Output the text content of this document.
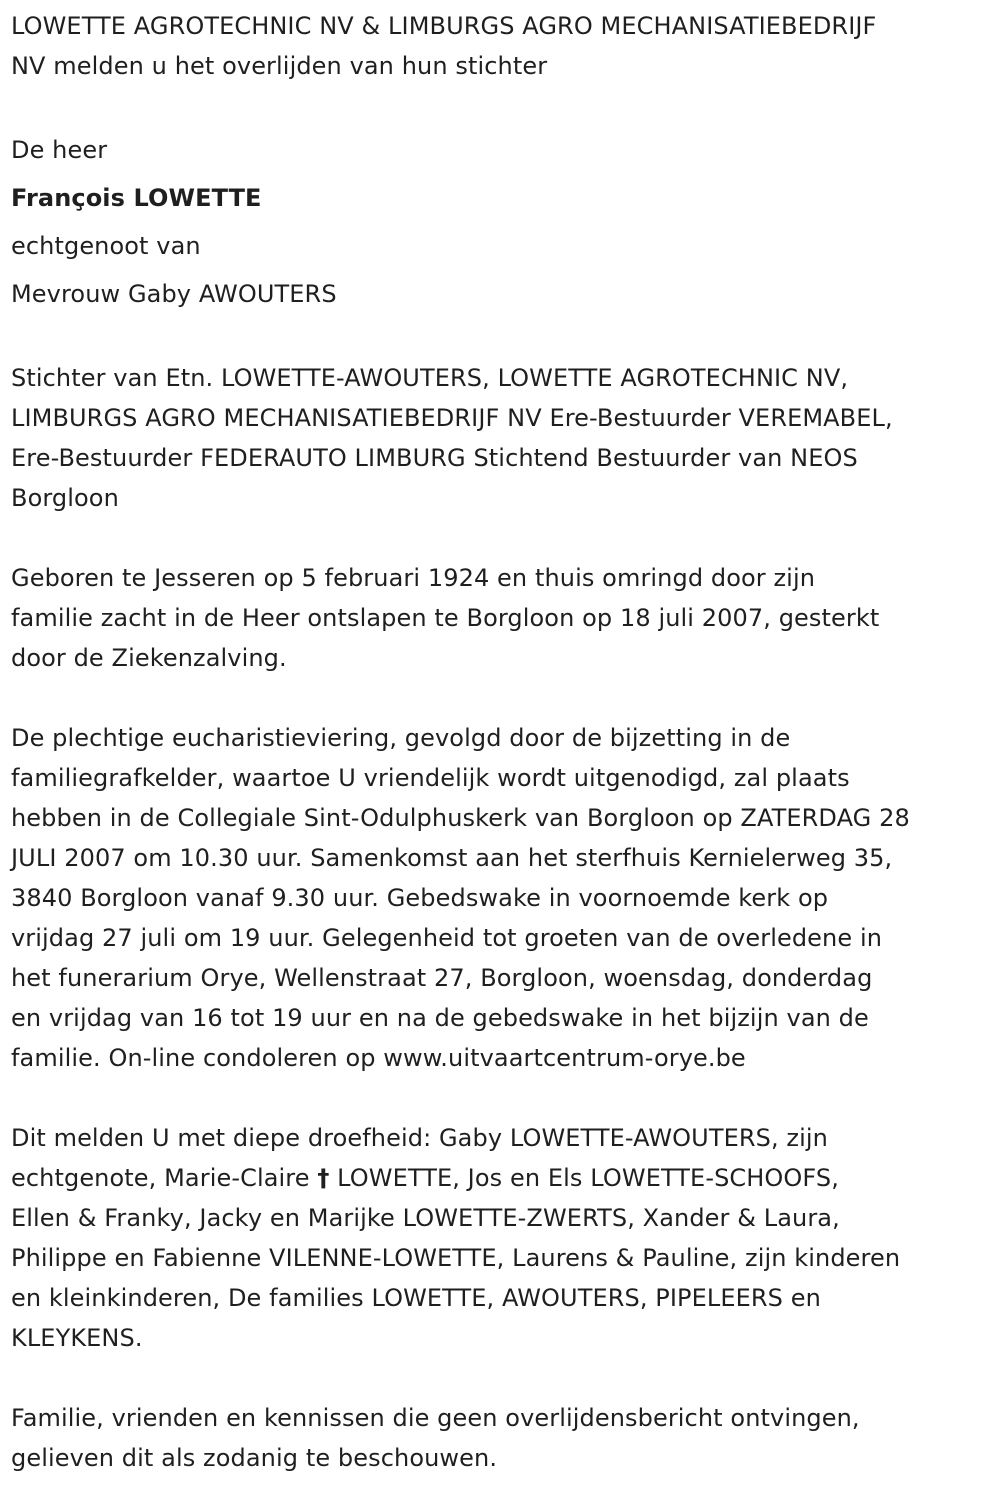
LOWETTE AGROTECHNIC NV & LIMBURGS AGRO MECHANISATIEBEDRIJF
NV melden u het overlijden van hun stichter
De heer
François LOWETTE
echtgenoot van
Mevrouw Gaby AWOUTERS
Stichter van Etn. LOWETTE-AWOUTERS, LOWETTE AGROTECHNIC NV,
LIMBURGS AGRO MECHANISATIEBEDRIJF NV Ere-Bestuurder VEREMABEL,
Ere-Bestuurder FEDERAUTO LIMBURG Stichtend Bestuurder van NEOS
Borgloon
Geboren te Jesseren op 5 februari 1924 en thuis omringd door zijn
familie zacht in de Heer ontslapen te Borgloon op 18 juli 2007, gesterkt
door de Ziekenzalving.
De plechtige eucharistieviering, gevolgd door de bijzetting in de
familiegrafkelder, waartoe U vriendelijk wordt uitgenodigd, zal plaats
hebben in de Collegiale Sint-Odulphuskerk van Borgloon op ZATERDAG 28
JULI 2007 om 10.30 uur. Samenkomst aan het sterfhuis Kernielerweg 35,
3840 Borgloon vanaf 9.30 uur. Gebedswake in voornoemde kerk op
vrijdag 27 juli om 19 uur. Gelegenheid tot groeten van de overledene in
het funerarium Orye, Wellenstraat 27, Borgloon, woensdag, donderdag
en vrijdag van 16 tot 19 uur en na de gebedswake in het bijzijn van de
familie. On-line condoleren op www.uitvaartcentrum-orye.be
Dit melden U met diepe droefheid: Gaby LOWETTE-AWOUTERS, zijn
echtgenote, Marie-Claire † LOWETTE, Jos en Els LOWETTE-SCHOOFS,
Ellen & Franky, Jacky en Marijke LOWETTE-ZWERTS, Xander & Laura,
Philippe en Fabienne VILENNE-LOWETTE, Laurens & Pauline, zijn kinderen
en kleinkinderen, De families LOWETTE, AWOUTERS, PIPELEERS en
KLEYKENS.
Familie, vrienden en kennissen die geen overlijdensbericht ontvingen,
gelieven dit als zodanig te beschouwen.
